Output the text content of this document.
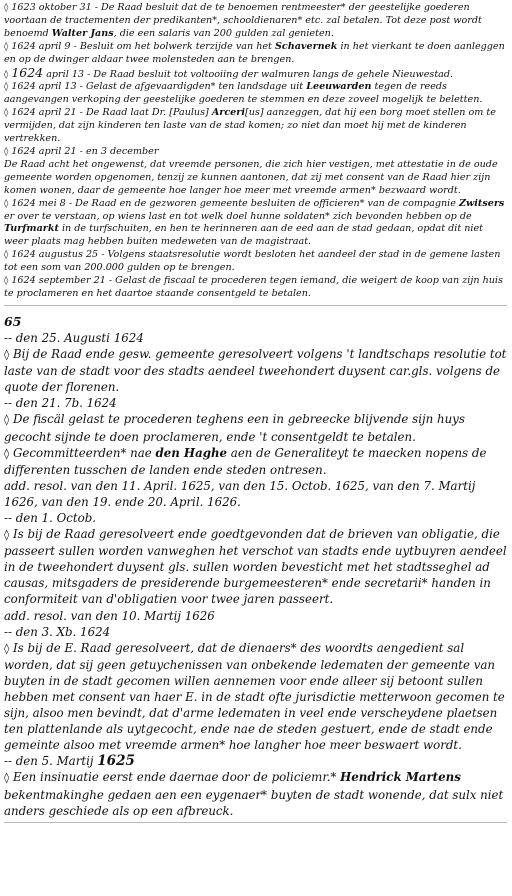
◊ 1623 oktober 31 - De Raad besluit dat de te benoemen rentmeester* der geestelijke goederen voortaan de tractementen der predikanten*, schooldienaren* etc. zal betalen. Tot deze post wordt benoemd Walter Jans, die een salaris van 200 gulden zal genieten.

◊ 1624 april 9 - Besluit om het bolwerk terzijde van het Schavernek in het vierkant te doen aanleggen en op de dwinger aldaar twee molensteden aan te brengen.

◊ 1624 april 13 - De Raad besluit tot voltooiing der walmuren langs de gehele Nieuwestad.

◊ 1624 april 13 - Gelast de afgevaardigden* ten landsdage uit Leeuwarden tegen de reeds aangevangen verkoping der geestelijke goederen te stemmen en deze zoveel mogelijk te beletten.

◊ 1624 april 21 - De Raad laat Dr. [Paulus] Arceri[us] aanzeggen, dat hij een borg moet stellen om te vermijden, dat zijn kinderen ten laste van de stad komen; zo niet dan moet hij met de kinderen vertrekken.

◊ 1624 april 21 - en 3 december

De Raad acht het ongewenst, dat vreemde personen, die zich hier vestigen, met attestatie in de oude gemeente worden opgenomen, tenzij ze kunnen aantonen, dat zij met consent van de Raad hier zijn komen wonen, daar de gemeente hoe langer hoe meer met vreemde armen* bezwaard wordt.

◊ 1624 mei 8 - De Raad en de gezworen gemeente besluiten de officieren* van de compagnie Zwitsers er over te verstaan, op wiens last en tot welk doel hunne soldaten* zich bevonden hebben op de Turfmarkt in de turfschuiten, en hen te herinneren aan de eed aan de stad gedaan, opdat dit niet weer plaats mag hebben buiten medeweten van de magistraat.

◊ 1624 augustus 25 - Volgens staatsresolutie wordt besloten het aandeel der stad in de gemene lasten tot een som van 200.000 gulden op te brengen.

◊ 1624 september 21 - Gelast de fiscaal te procederen tegen iemand, die weigert de koop van zijn huis te proclameren en het daartoe staande consentgeld te betalen.

65

-- den 25. Augusti 1624

◊ Bij de Raad ende gesw. gemeente geresolveert volgens 't landtschaps resolutie tot laste van de stadt voor des stadts aendeel tweehondert duysent car.gls. volgens de quote der florenen.

-- den 21. 7b. 1624

◊ De fiscäl gelast te procederen teghens een in gebreecke blijvende sijn huys gecocht sijnde te doen proclameren, ende 't consentgeldt te betalen.

◊ Gecommitteerden* nae den Haghe aen de Generaliteyt te maecken nopens de differenten tusschen de landen ende steden ontresen.

add. resol. van den 11. April. 1625, van den 15. Octob. 1625, van den 7. Martij 1626, van den 19. ende 20. April. 1626.

-- den 1. Octob.

◊ Is bij de Raad geresolveert ende goedtgevonden dat de brieven van obligatie, die passeert sullen worden vanweghen het verschot van stadts ende uytbuyren aendeel in de tweehondert duysent gls. sullen worden bevesticht met het stadtsseghel ad causas, mitsgaders de presiderende burgemeesteren* ende secretarii* handen in conformiteit van d'obligatien voor twee jaren passeert.

add. resol. van den 10. Martij 1626

-- den 3. Xb. 1624

◊ Is bij de E. Raad geresolveert, dat de dienaers* des woordts aengedient sal worden, dat sij geen getuychenissen van onbekende ledematen der gemeente van buyten in de stadt gecomen willen aennemen voor ende alleer sij betoont sullen hebben met consent van haer E. in de stadt ofte jurisdictie metterwoon gecomen te sijn, alsoo men bevindt, dat d'arme ledematen in veel ende verscheydene plaetsen ten plattenlande als uytgecocht, ende nae de steden gestuert, ende de stadt ende gemeinte alsoo met vreemde armen* hoe langher hoe meer beswaert wordt.

-- den 5. Martij 1625

◊ Een insinuatie eerst ende daernae door de policiemr.* Hendrick Martens bekentmakinghe gedaen aen een eygenaer* buyten de stadt wonende, dat sulx niet anders geschiede als op een afbreuck.
